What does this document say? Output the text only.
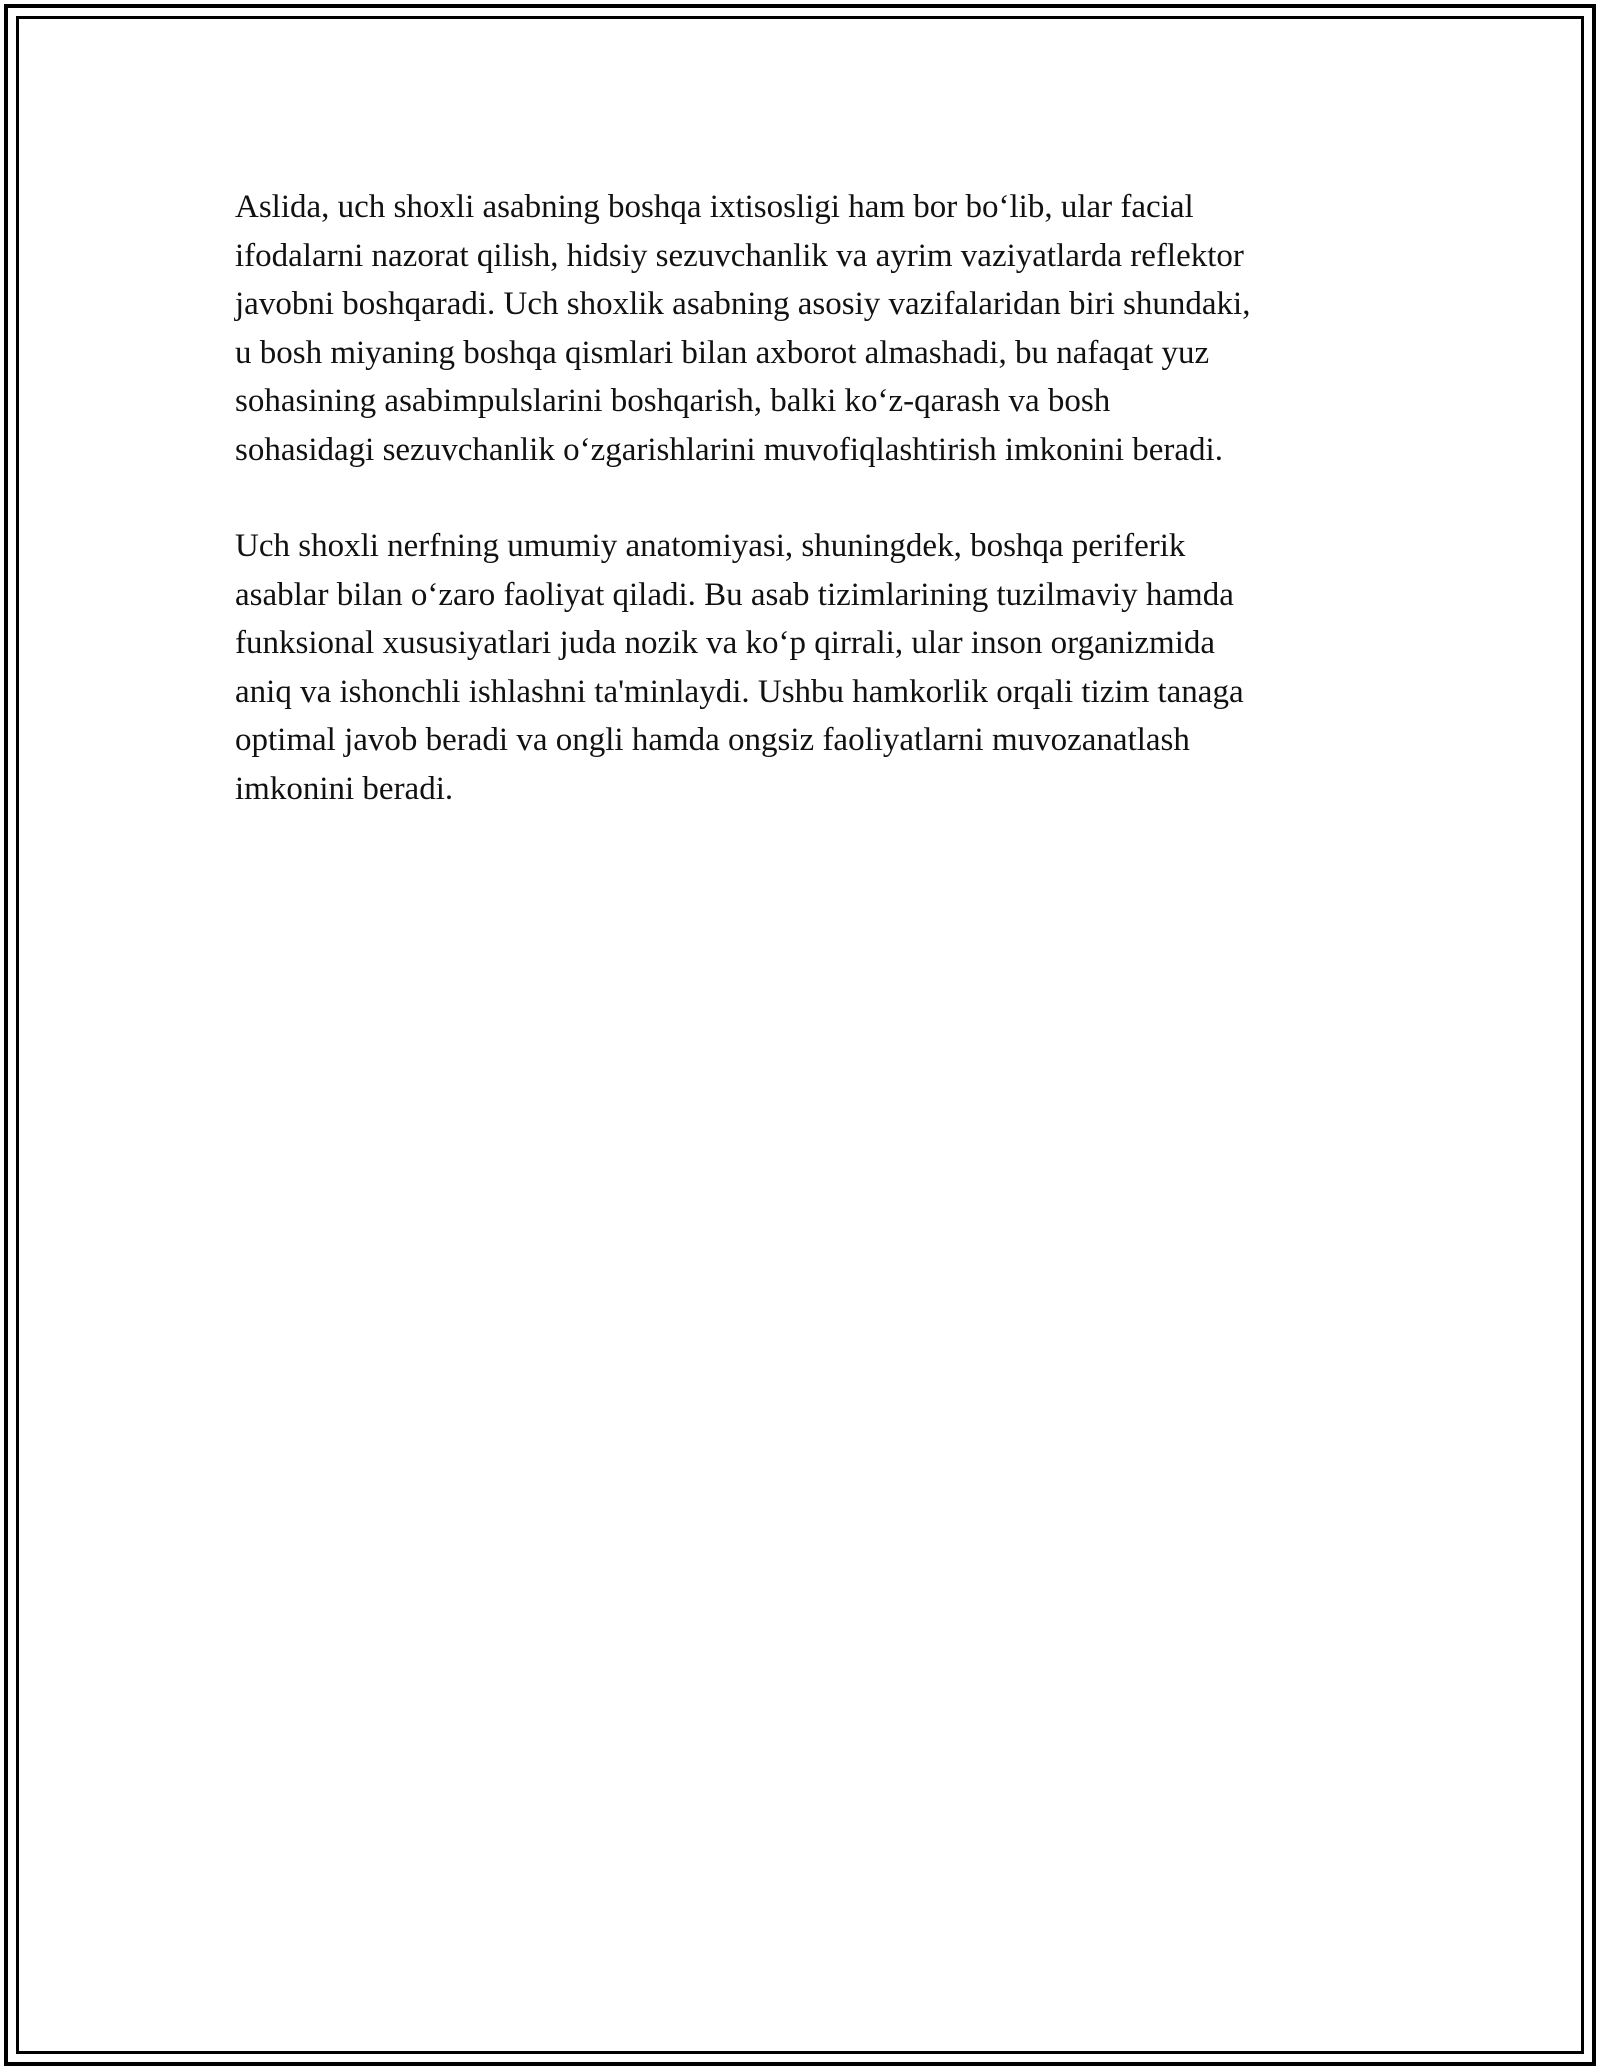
Aslida, uch shoxli asabning boshqa ixtisosligi ham bor bo‘lib, ular facial
ifodalarni nazorat qilish, hidsiy sezuvchanlik va ayrim vaziyatlarda reflektor
javobni boshqaradi. Uch shoxlik asabning asosiy vazifalaridan biri shundaki,
u bosh miyaning boshqa qismlari bilan axborot almashadi, bu nafaqat yuz
sohasining asabimpulslarini boshqarish, balki ko‘z-qarash va bosh
sohasidagi sezuvchanlik o‘zgarishlarini muvofiqlashtirish imkonini beradi.

Uch shoxli nerfning umumiy anatomiyasi, shuningdek, boshqa periferik
asablar bilan o‘zaro faoliyat qiladi. Bu asab tizimlarining tuzilmaviy hamda
funksional xususiyatlari juda nozik va ko‘p qirrali, ular inson organizmida
aniq va ishonchli ishlashni ta'minlaydi. Ushbu hamkorlik orqali tizim tanaga
optimal javob beradi va ongli hamda ongsiz faoliyatlarni muvozanatlash
imkonini beradi.
